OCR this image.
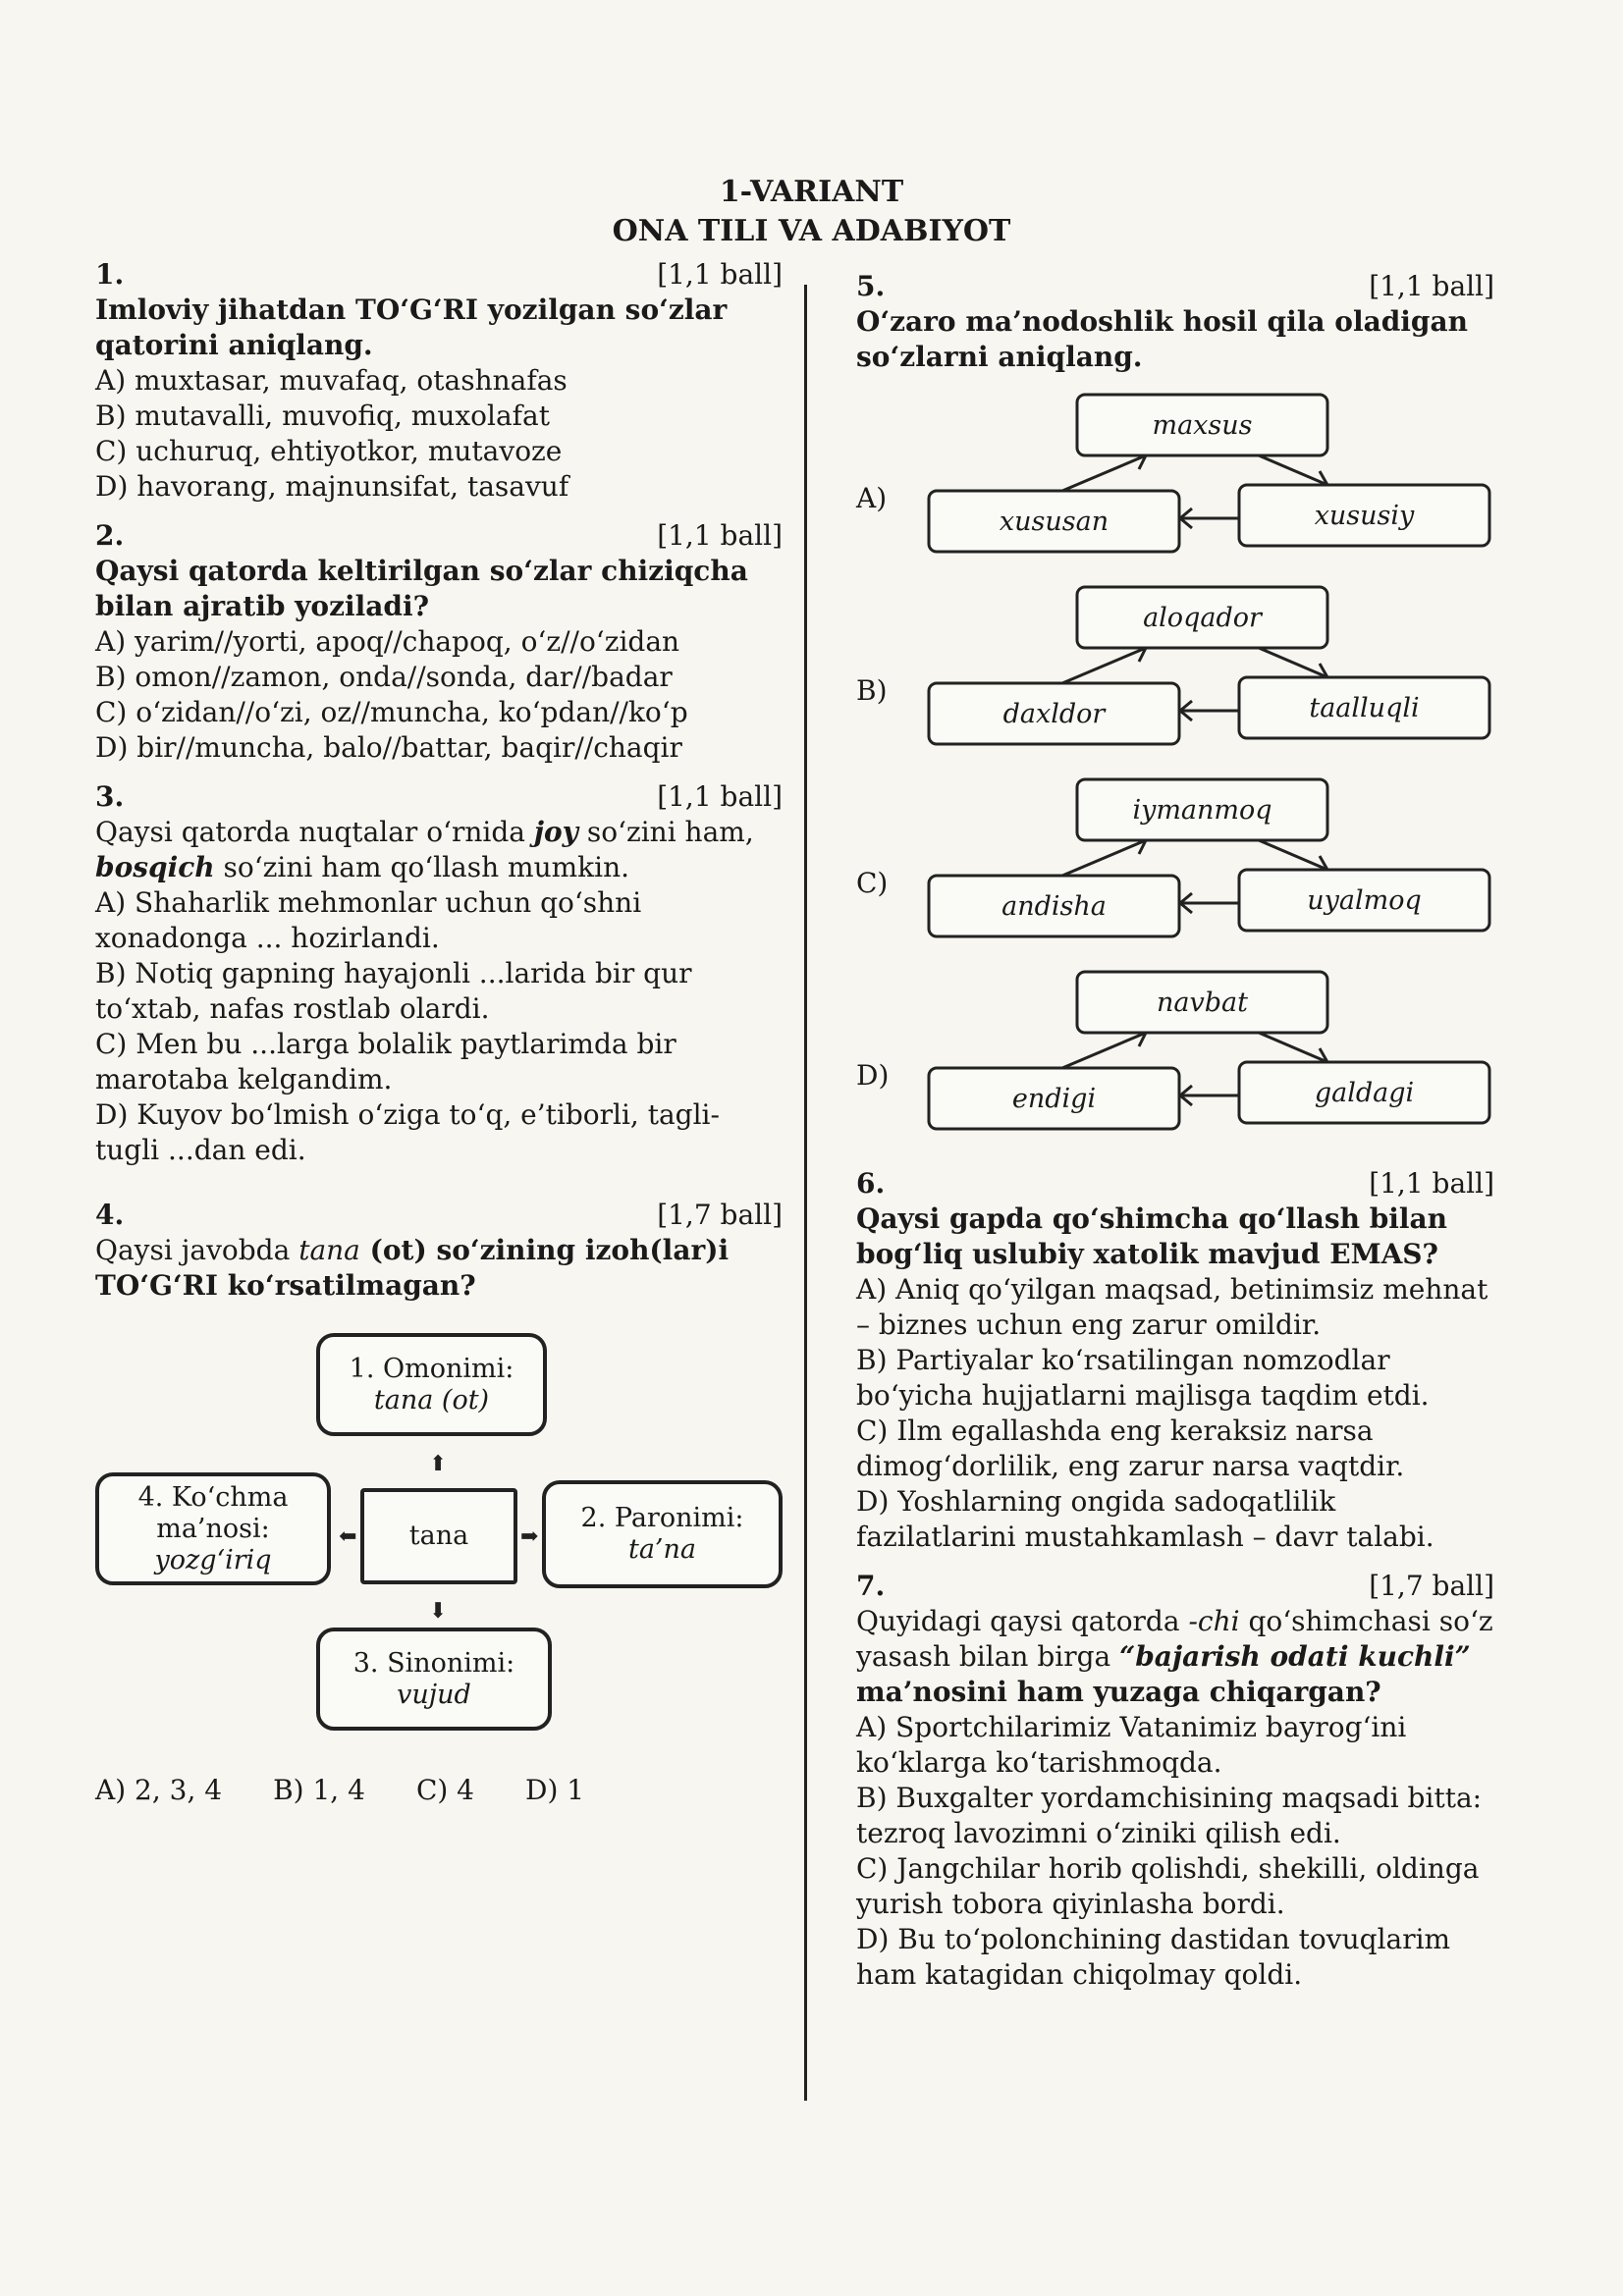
1-VARIANT
ONA TILI VA ADABIYOT
1.	[1,1 ball]
Imloviy jihatdan TO‘G‘RI yozilgan so‘zlar qatorini aniqlang.
A) muxtasar, muvafaq, otashnafas
B) mutavalli, muvofiq, muxolafat
C) uchuruq, ehtiyotkor, mutavoze
D) havorang, majnunsifat, tasavuf
2.	[1,1 ball]
Qaysi qatorda keltirilgan so‘zlar chiziqcha bilan ajratib yoziladi?
A) yarim//yorti, apoq//chapoq, o‘z//o‘zidan
B) omon//zamon, onda//sonda, dar//badar
C) o‘zidan//o‘zi, oz//muncha, ko‘pdan//ko‘p
D) bir//muncha, balo//battar, baqir//chaqir
3.	[1,1 ball]
Qaysi qatorda nuqtalar o‘rnida joy so‘zini ham, bosqich so‘zini ham qo‘llash mumkin.
A) Shaharlik mehmonlar uchun qo‘shni xonadonga ... hozirlandi.
B) Notiq gapning hayajonli ...larida bir qur to‘xtab, nafas rostlab olardi.
C) Men bu ...larga bolalik paytlarimda bir marotaba kelgandim.
D) Kuyov bo‘lmish o‘ziga to‘q, e’tiborli, tagli-tugli ...dan edi.
4.	[1,7 ball]
Qaysi javobda tana (ot) so‘zining izoh(lar)i TO‘G‘RI ko‘rsatilmagan?
1. Omonimi:
tana (ot)
4. Ko‘chma ma’nosi:
yozg‘iriq
tana
2. Paronimi:
ta’na
3. Sinonimi:
vujud
⬆
⬅	➡
⬇
A) 2, 3, 4 B) 1, 4 C) 4 D) 1
5.	[1,1 ball]
O‘zaro ma’nodoshlik hosil qila oladigan so‘zlarni aniqlang.
A)
maxsus
xususan	xususiy
B)
aloqador
daxldor	taalluqli
C)
iymanmoq
andisha	uyalmoq
D)
navbat
endigi	galdagi
6.	[1,1 ball]
Qaysi gapda qo‘shimcha qo‘llash bilan bog‘liq uslubiy xatolik mavjud EMAS?
A) Aniq qo‘yilgan maqsad, betinimsiz mehnat – biznes uchun eng zarur omildir.
B) Partiyalar ko‘rsatilingan nomzodlar bo‘yicha hujjatlarni majlisga taqdim etdi.
C) Ilm egallashda eng keraksiz narsa dimog‘dorlilik, eng zarur narsa vaqtdir.
D) Yoshlarning ongida sadoqatlilik fazilatlarini mustahkamlash – davr talabi.
7.	[1,7 ball]
Quyidagi qaysi qatorda -chi qo‘shimchasi so‘z yasash bilan birga “bajarish odati kuchli” ma’nosini ham yuzaga chiqargan?
A) Sportchilarimiz Vatanimiz bayrog‘ini ko‘klarga ko‘tarishmoqda.
B) Buxgalter yordamchisining maqsadi bitta: tezroq lavozimni o‘ziniki qilish edi.
C) Jangchilar horib qolishdi, shekilli, oldinga yurish tobora qiyinlasha bordi.
D) Bu to‘polonchining dastidan tovuqlarim ham katagidan chiqolmay qoldi.
